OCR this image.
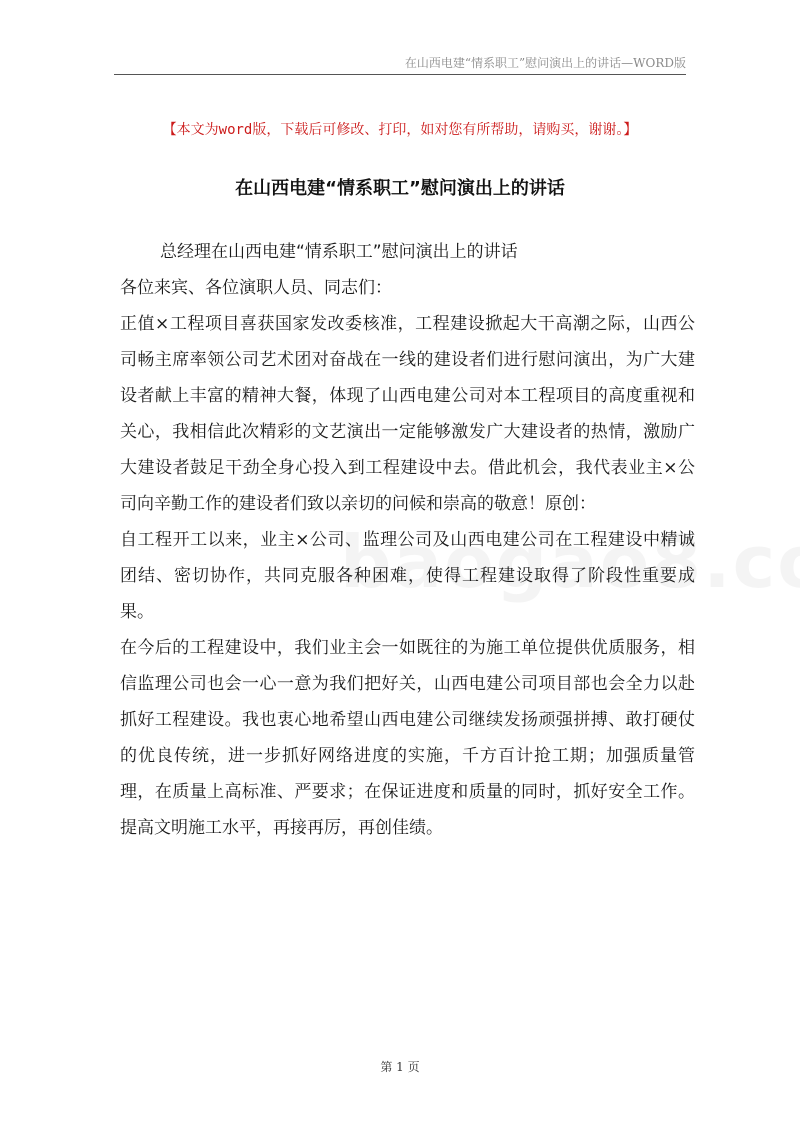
在山西电建“情系职工”慰问演出上的讲话—WORD版
【本文为word版，下载后可修改、打印，如对您有所帮助，请购买，谢谢。】
在山西电建“情系职工”慰问演出上的讲话

总经理在山西电建“情系职工”慰问演出上的讲话

各位来宾、各位演职人员、同志们：

正值×工程项目喜获国家发改委核准，工程建设掀起大干高潮之际，山西公司畅主席率领公司艺术团对奋战在一线的建设者们进行慰问演出，为广大建设者献上丰富的精神大餐，体现了山西电建公司对本工程项目的高度重视和关心，我相信此次精彩的文艺演出一定能够激发广大建设者的热情，激励广大建设者鼓足干劲全身心投入到工程建设中去。借此机会，我代表业主×公司向辛勤工作的建设者们致以亲切的问候和崇高的敬意！原创：

自工程开工以来，业主×公司、监理公司及山西电建公司在工程建设中精诚团结、密切协作，共同克服各种困难，使得工程建设取得了阶段性重要成果。

在今后的工程建设中，我们业主会一如既往的为施工单位提供优质服务，相信监理公司也会一心一意为我们把好关，山西电建公司项目部也会全力以赴抓好工程建设。我也衷心地希望山西电建公司继续发扬顽强拼搏、敢打硬仗的优良传统，进一步抓好网络进度的实施，千方百计抢工期；加强质量管理，在质量上高标准、严要求；在保证进度和质量的同时，抓好安全工作。提高文明施工水平，再接再厉，再创佳绩。

第 1 页
